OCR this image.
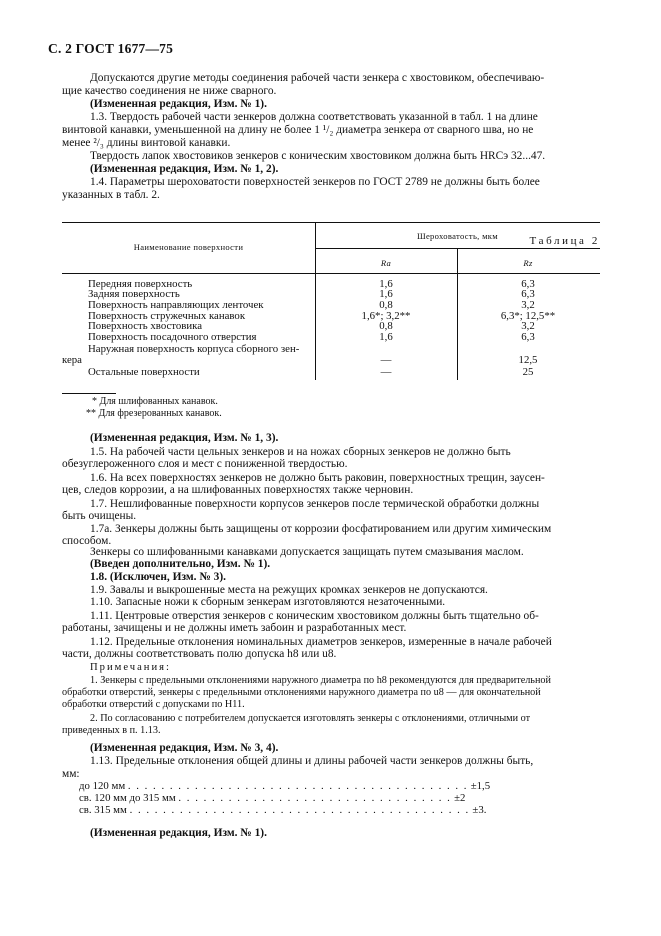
С. 2 ГОСТ 1677—75

Допускаются другие методы соединения рабочей части зенкера с хвостовиком, обеспечиваю-

щие качество соединения не ниже сварного.

(Измененная редакция, Изм. № 1).

1.3. Твердость рабочей части зенкеров должна соответствовать указанной в табл. 1 на длине

винтовой канавки, уменьшенной на длину не более 1 ¹/₂ диаметра зенкера от сварного шва, но не

менее ²/₃ длины винтовой канавки.

Твердость лапок хвостовиков зенкеров с коническим хвостовиком должна быть HRCэ 32...47.

(Измененная редакция, Изм. № 1, 2).

1.4. Параметры шероховатости поверхностей зенкеров по ГОСТ 2789 не должны быть более

указанных в табл. 2.

Таблица 2
Наименование поверхности
Шероховатость, мкм
Ra	Rz
Передняя поверхность	1,6	6,3
Задняя поверхность	1,6	6,3
Поверхность направляющих ленточек	0,8	3,2
Поверхность стружечных канавок	1,6*; 3,2**	6,3*; 12,5**
Поверхность хвостовика	0,8	3,2
Поверхность посадочного отверстия	1,6	6,3
Наружная поверхность корпуса сборного зен-
кера	—	12,5
Остальные поверхности	—	25
* Для шлифованных канавок.
** Для фрезерованных канавок.

(Измененная редакция, Изм. № 1, 3).

1.5. На рабочей части цельных зенкеров и на ножах сборных зенкеров не должно быть

обезуглероженного слоя и мест с пониженной твердостью.

1.6. На всех поверхностях зенкеров не должно быть раковин, поверхностных трещин, заусен-

цев, следов коррозии, а на шлифованных поверхностях также черновин.

1.7. Нешлифованные поверхности корпусов зенкеров после термической обработки должны

быть очищены.

1.7а. Зенкеры должны быть защищены от коррозии фосфатированием или другим химическим

способом.

Зенкеры со шлифованными канавками допускается защищать путем смазывания маслом.

(Введен дополнительно, Изм. № 1).

1.8. (Исключен, Изм. № 3).

1.9. Завалы и выкрошенные места на режущих кромках зенкеров не допускаются.

1.10. Запасные ножи к сборным зенкерам изготовляются незаточенными.

1.11. Центровые отверстия зенкеров с коническим хвостовиком должны быть тщательно об-

работаны, зачищены и не должны иметь забоин и разработанных мест.

1.12. Предельные отклонения номинальных диаметров зенкеров, измеренные в начале рабочей

части, должны соответствовать полю допуска h8 или u8.

Примечания:
1. Зенкеры с предельными отклонениями наружного диаметра по h8 рекомендуются для предварительной
обработки отверстий, зенкеры с предельными отклонениями наружного диаметра по u8 — для окончательной
обработки отверстий с допусками по H11.
2. По согласованию с потребителем допускается изготовлять зенкеры с отклонениями, отличными от
приведенных в п. 1.13.

(Измененная редакция, Изм. № 3, 4).

1.13. Предельные отклонения общей длины и длины рабочей части зенкеров должны быть,

мм:

до 120 мм . . . . . . . . . . . . . . . . . . . . . . . . . . . . . . . . . . . . . . . . . ±1,5
св. 120 мм до 315 мм . . . . . . . . . . . . . . . . . . . . . . . . . . . . . . . . . ±2
св. 315 мм . . . . . . . . . . . . . . . . . . . . . . . . . . . . . . . . . . . . . . . . . ±3.

(Измененная редакция, Изм. № 1).
